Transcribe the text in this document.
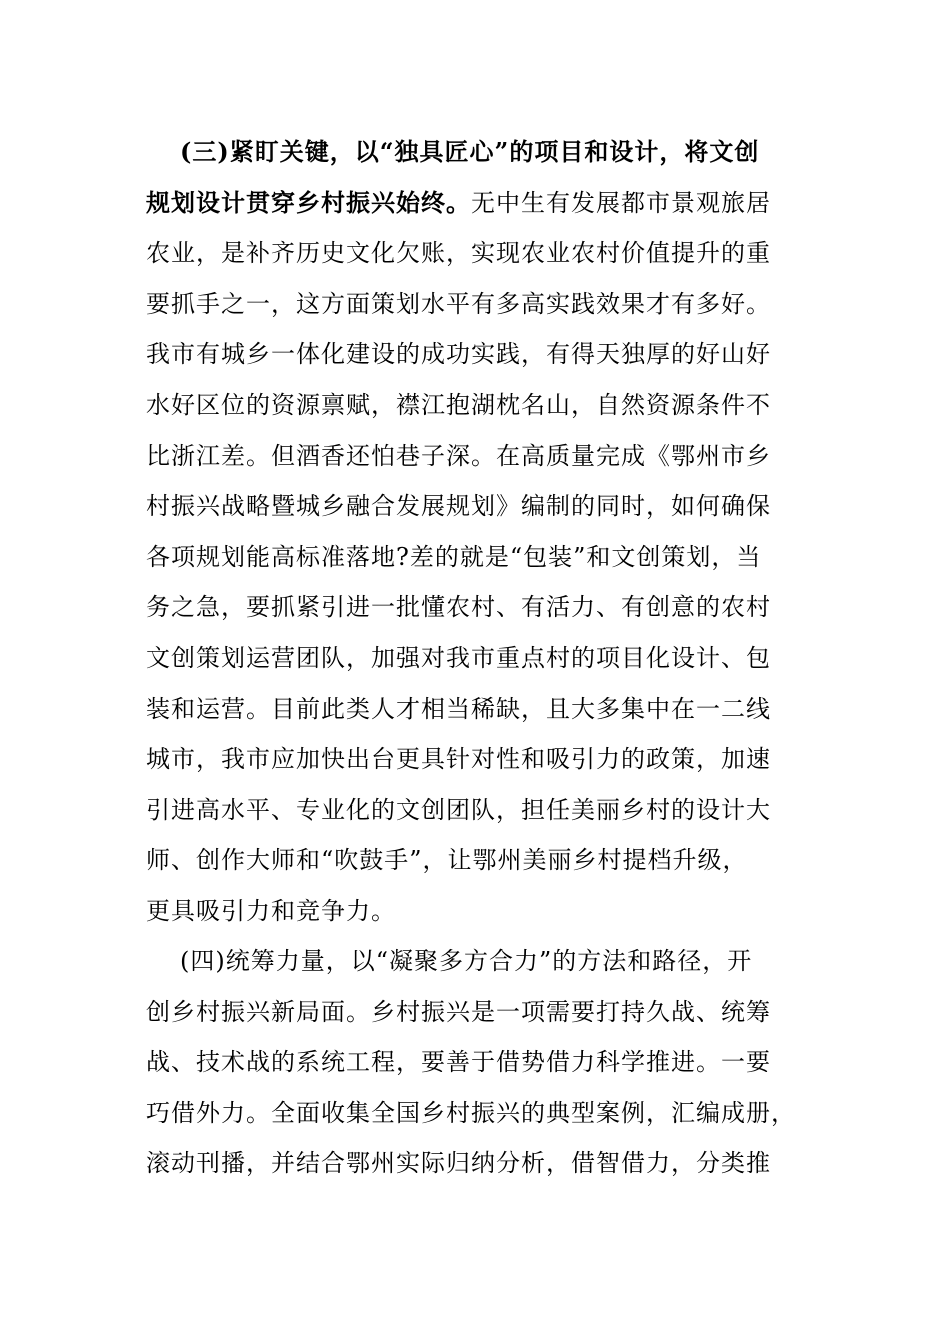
(三)紧盯关键，以“独具匠心”的项目和设计，将文创
规划设计贯穿乡村振兴始终。无中生有发展都市景观旅居
农业，是补齐历史文化欠账，实现农业农村价值提升的重
要抓手之一，这方面策划水平有多高实践效果才有多好。
我市有城乡一体化建设的成功实践，有得天独厚的好山好
水好区位的资源禀赋，襟江抱湖枕名山，自然资源条件不
比浙江差。但酒香还怕巷子深。在高质量完成《鄂州市乡
村振兴战略暨城乡融合发展规划》编制的同时，如何确保
各项规划能高标准落地?差的就是“包装”和文创策划，当
务之急，要抓紧引进一批懂农村、有活力、有创意的农村
文创策划运营团队，加强对我市重点村的项目化设计、包
装和运营。目前此类人才相当稀缺，且大多集中在一二线
城市，我市应加快出台更具针对性和吸引力的政策，加速
引进高水平、专业化的文创团队，担任美丽乡村的设计大
师、创作大师和“吹鼓手”，让鄂州美丽乡村提档升级，
更具吸引力和竞争力。
(四)统筹力量，以“凝聚多方合力”的方法和路径，开
创乡村振兴新局面。乡村振兴是一项需要打持久战、统筹
战、技术战的系统工程，要善于借势借力科学推进。一要
巧借外力。全面收集全国乡村振兴的典型案例，汇编成册，
滚动刊播，并结合鄂州实际归纳分析，借智借力，分类推
